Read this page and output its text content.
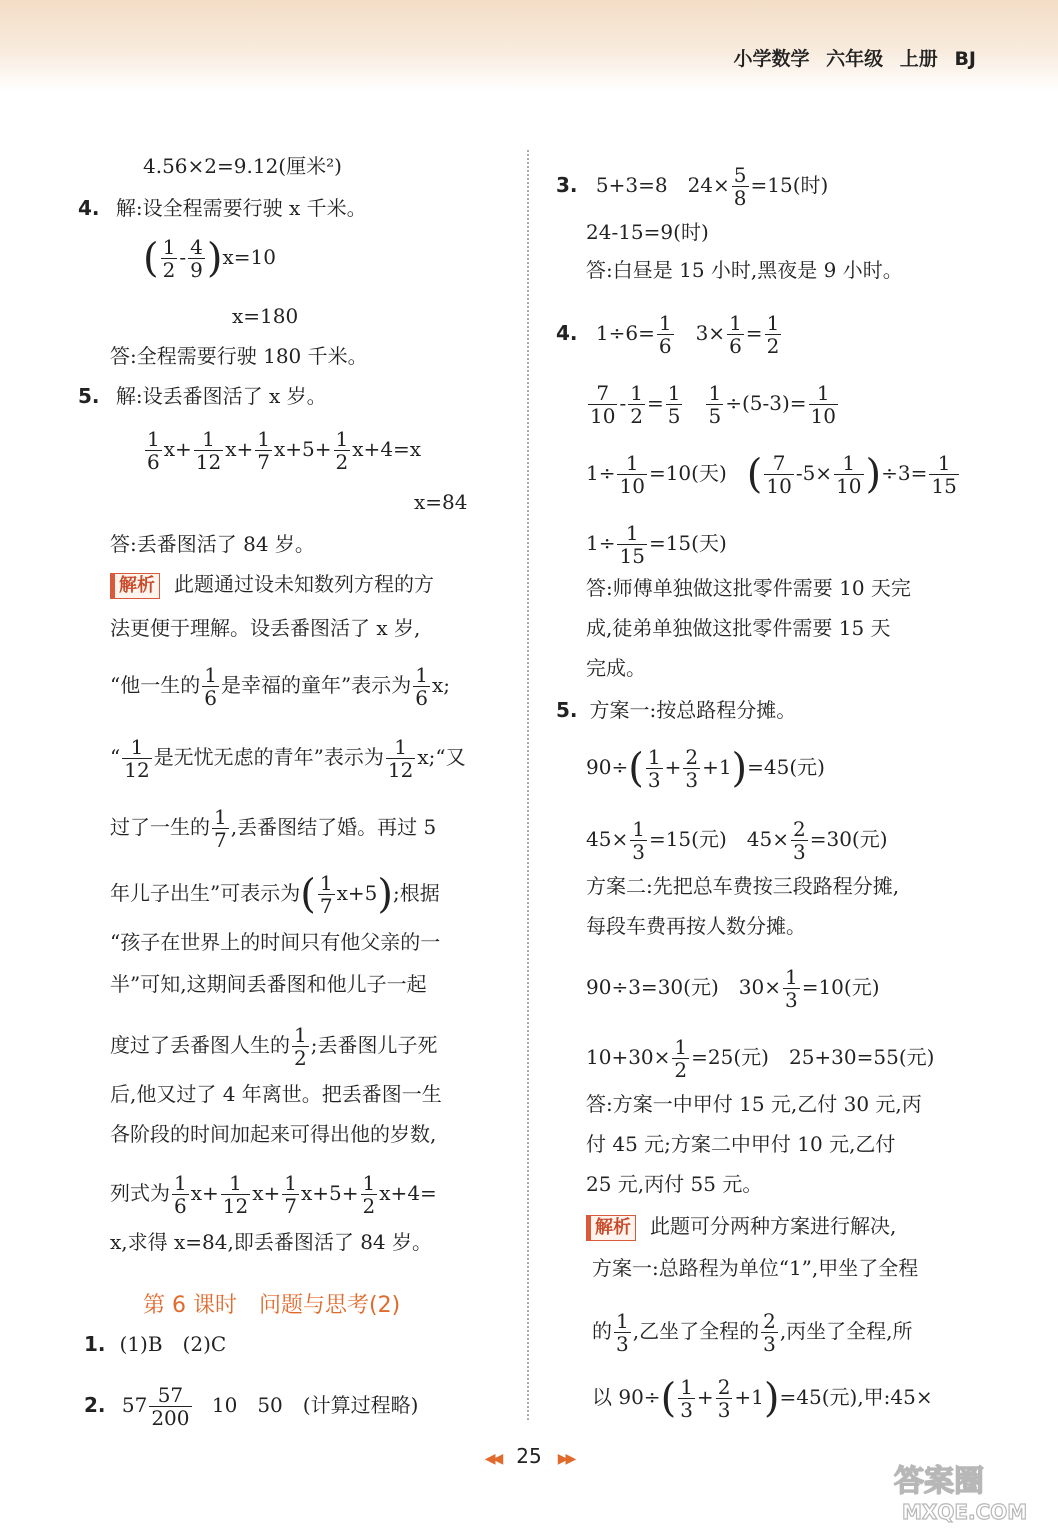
小学数学 六年级 上册 BJ
4.56×2=9.12(厘米²)
4. 解:设全程需要行驶 x 千米。
( $\frac{1}{2} - \frac{4}{9} )x=10$
x=180
答:全程需要行驶 180 千米。
5. 解:设丢番图活了 x 岁。
$\frac{1}{6} x+ \frac{1}{12} x+ \frac{1}{7} x+5+ \frac{1}{2} x+4=x$
x=84
答:丢番图活了 84 岁。
解析 此题通过设未知数列方程的方
法更便于理解。设丢番图活了 x 岁,
“他一生的 $\frac{1}{6}$ 是幸福的童年”表示为 $\frac{1}{6} x$;
“ $\frac{1}{12}$ 是无忧无虑的青年”表示为 $\frac{1}{12}$ x;“又
过了一生的 $\frac{1}{7}$ ,丢番图结了婚。再过 5
年儿子出生”可表示为( $\frac{1}{7} x+5$);根据
“孩子在世界上的时间只有他父亲的一
半”可知,这期间丢番图和他儿子一起
度过了丢番图人生的 $\frac{1}{2}$ ;丢番图儿子死
后,他又过了 4 年离世。把丢番图一生
各阶段的时间加起来可得出他的岁数,
列式为 $\frac{1}{6} x+ \frac{1}{12} x+ \frac{1}{7} x+5+ \frac{1}{2} x+4=$
x,求得 x=84,即丢番图活了 84 岁。
第 6 课时　问题与思考(2)
1. (1)B　(2)C
2. $57 \frac{57}{200} 10$　50　(计算过程略)
3. 5+3=8　$24\times \frac{5}{8} =15$(时)
24-15=9(时)
答:白昼是 15 小时,黑夜是 9 小时。
4. $1\div 6= \frac{1}{6}$ 　$3\times \frac{1}{6} = \frac{1}{2}$
$\frac{7}{10} - \frac{1}{2} = \frac{1}{5}$
　 $\frac{1}{5} \div(5-3)= \frac{1}{10}$
$1\div \frac{1}{10} =10$(天)　 ( $\frac{7}{10} -5\times \frac{1}{10} )\div 3= \frac{1}{15}$
$1\div \frac{1}{15} =15$(天)
答:师傅单独做这批零件需要 10 天完
成,徒弟单独做这批零件需要 15 天
完成。
5. 方案一:按总路程分摊。
$90\div( \frac{1}{3} + \frac{2}{3} +1)=45$(元)
$45\times \frac{1}{3} =15$(元)　$45\times \frac{2}{3} =30$(元)
方案二:先把总车费按三段路程分摊,
每段车费再按人数分摊。
90÷3=30(元)　$30\times \frac{1}{3} =10$(元)
$10+30\times \frac{1}{2} =25$(元)　25+30=55(元)
答:方案一中甲付 15 元,乙付 30 元,丙
付 45 元;方案二中甲付 10 元,乙付
25 元,丙付 55 元。
解析 此题可分两种方案进行解决,
方案一:总路程为单位“1”,甲坐了全程
的 $\frac{1}{3}$ ,乙坐了全程的 $\frac{2}{3}$ ,丙坐了全程,所
以 $90\div( \frac{1}{3} + \frac{2}{3} +1)=45$(元),甲:45×
◀◀ 25 ▶▶
答案圈
MXQE.COM
